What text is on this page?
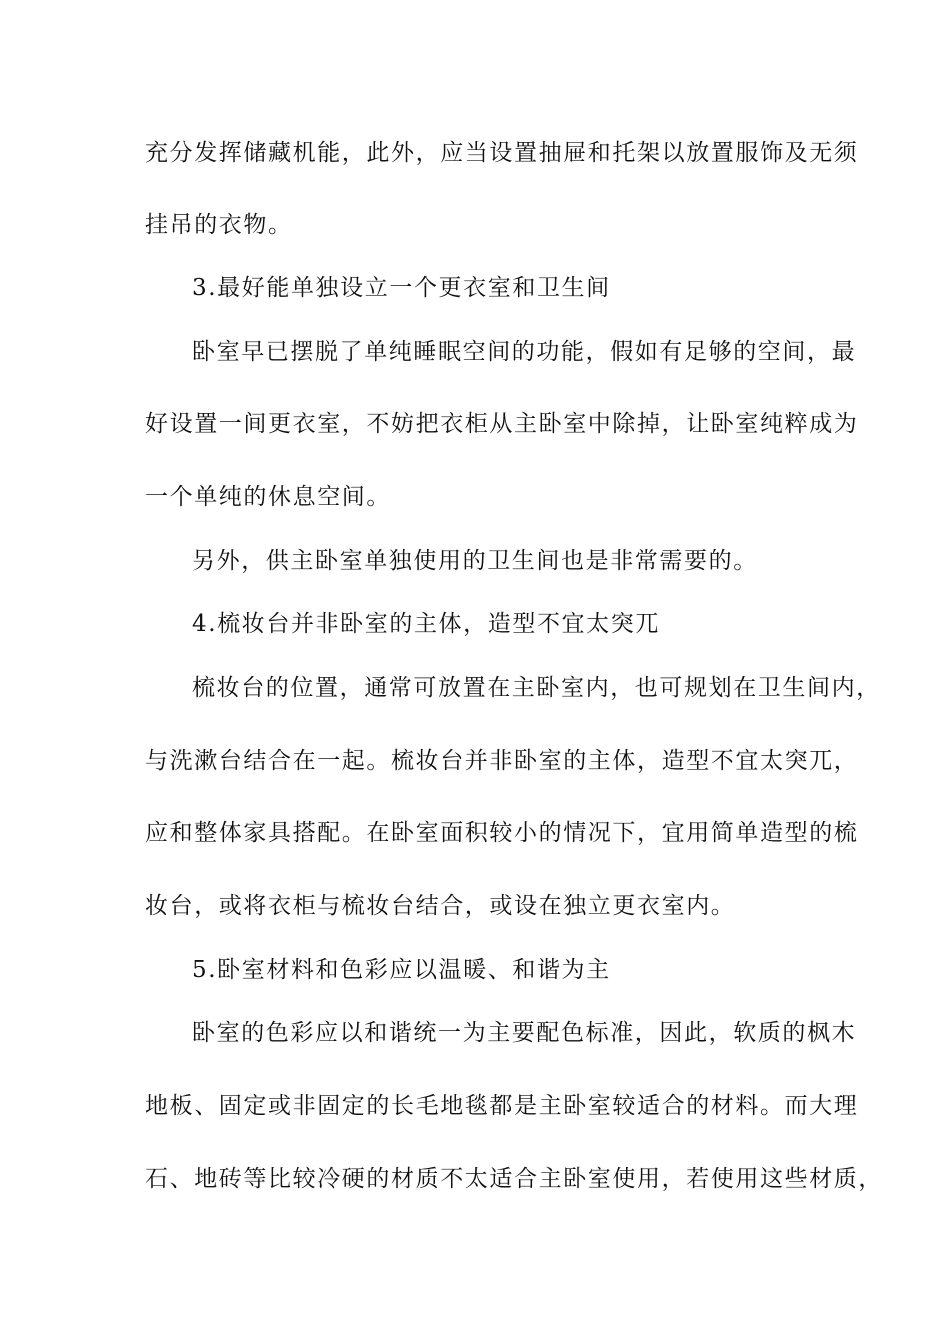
充分发挥储藏机能，此外，应当设置抽屉和托架以放置服饰及无须
挂吊的衣物。
3.最好能单独设立一个更衣室和卫生间
卧室早已摆脱了单纯睡眠空间的功能，假如有足够的空间，最
好设置一间更衣室，不妨把衣柜从主卧室中除掉，让卧室纯粹成为
一个单纯的休息空间。
另外，供主卧室单独使用的卫生间也是非常需要的。
4.梳妆台并非卧室的主体，造型不宜太突兀
梳妆台的位置，通常可放置在主卧室内，也可规划在卫生间内，
与洗漱台结合在一起。梳妆台并非卧室的主体，造型不宜太突兀，
应和整体家具搭配。在卧室面积较小的情况下，宜用简单造型的梳
妆台，或将衣柜与梳妆台结合，或设在独立更衣室内。
5.卧室材料和色彩应以温暖、和谐为主
卧室的色彩应以和谐统一为主要配色标准，因此，软质的枫木
地板、固定或非固定的长毛地毯都是主卧室较适合的材料。而大理
石、地砖等比较冷硬的材质不太适合主卧室使用，若使用这些材质，
